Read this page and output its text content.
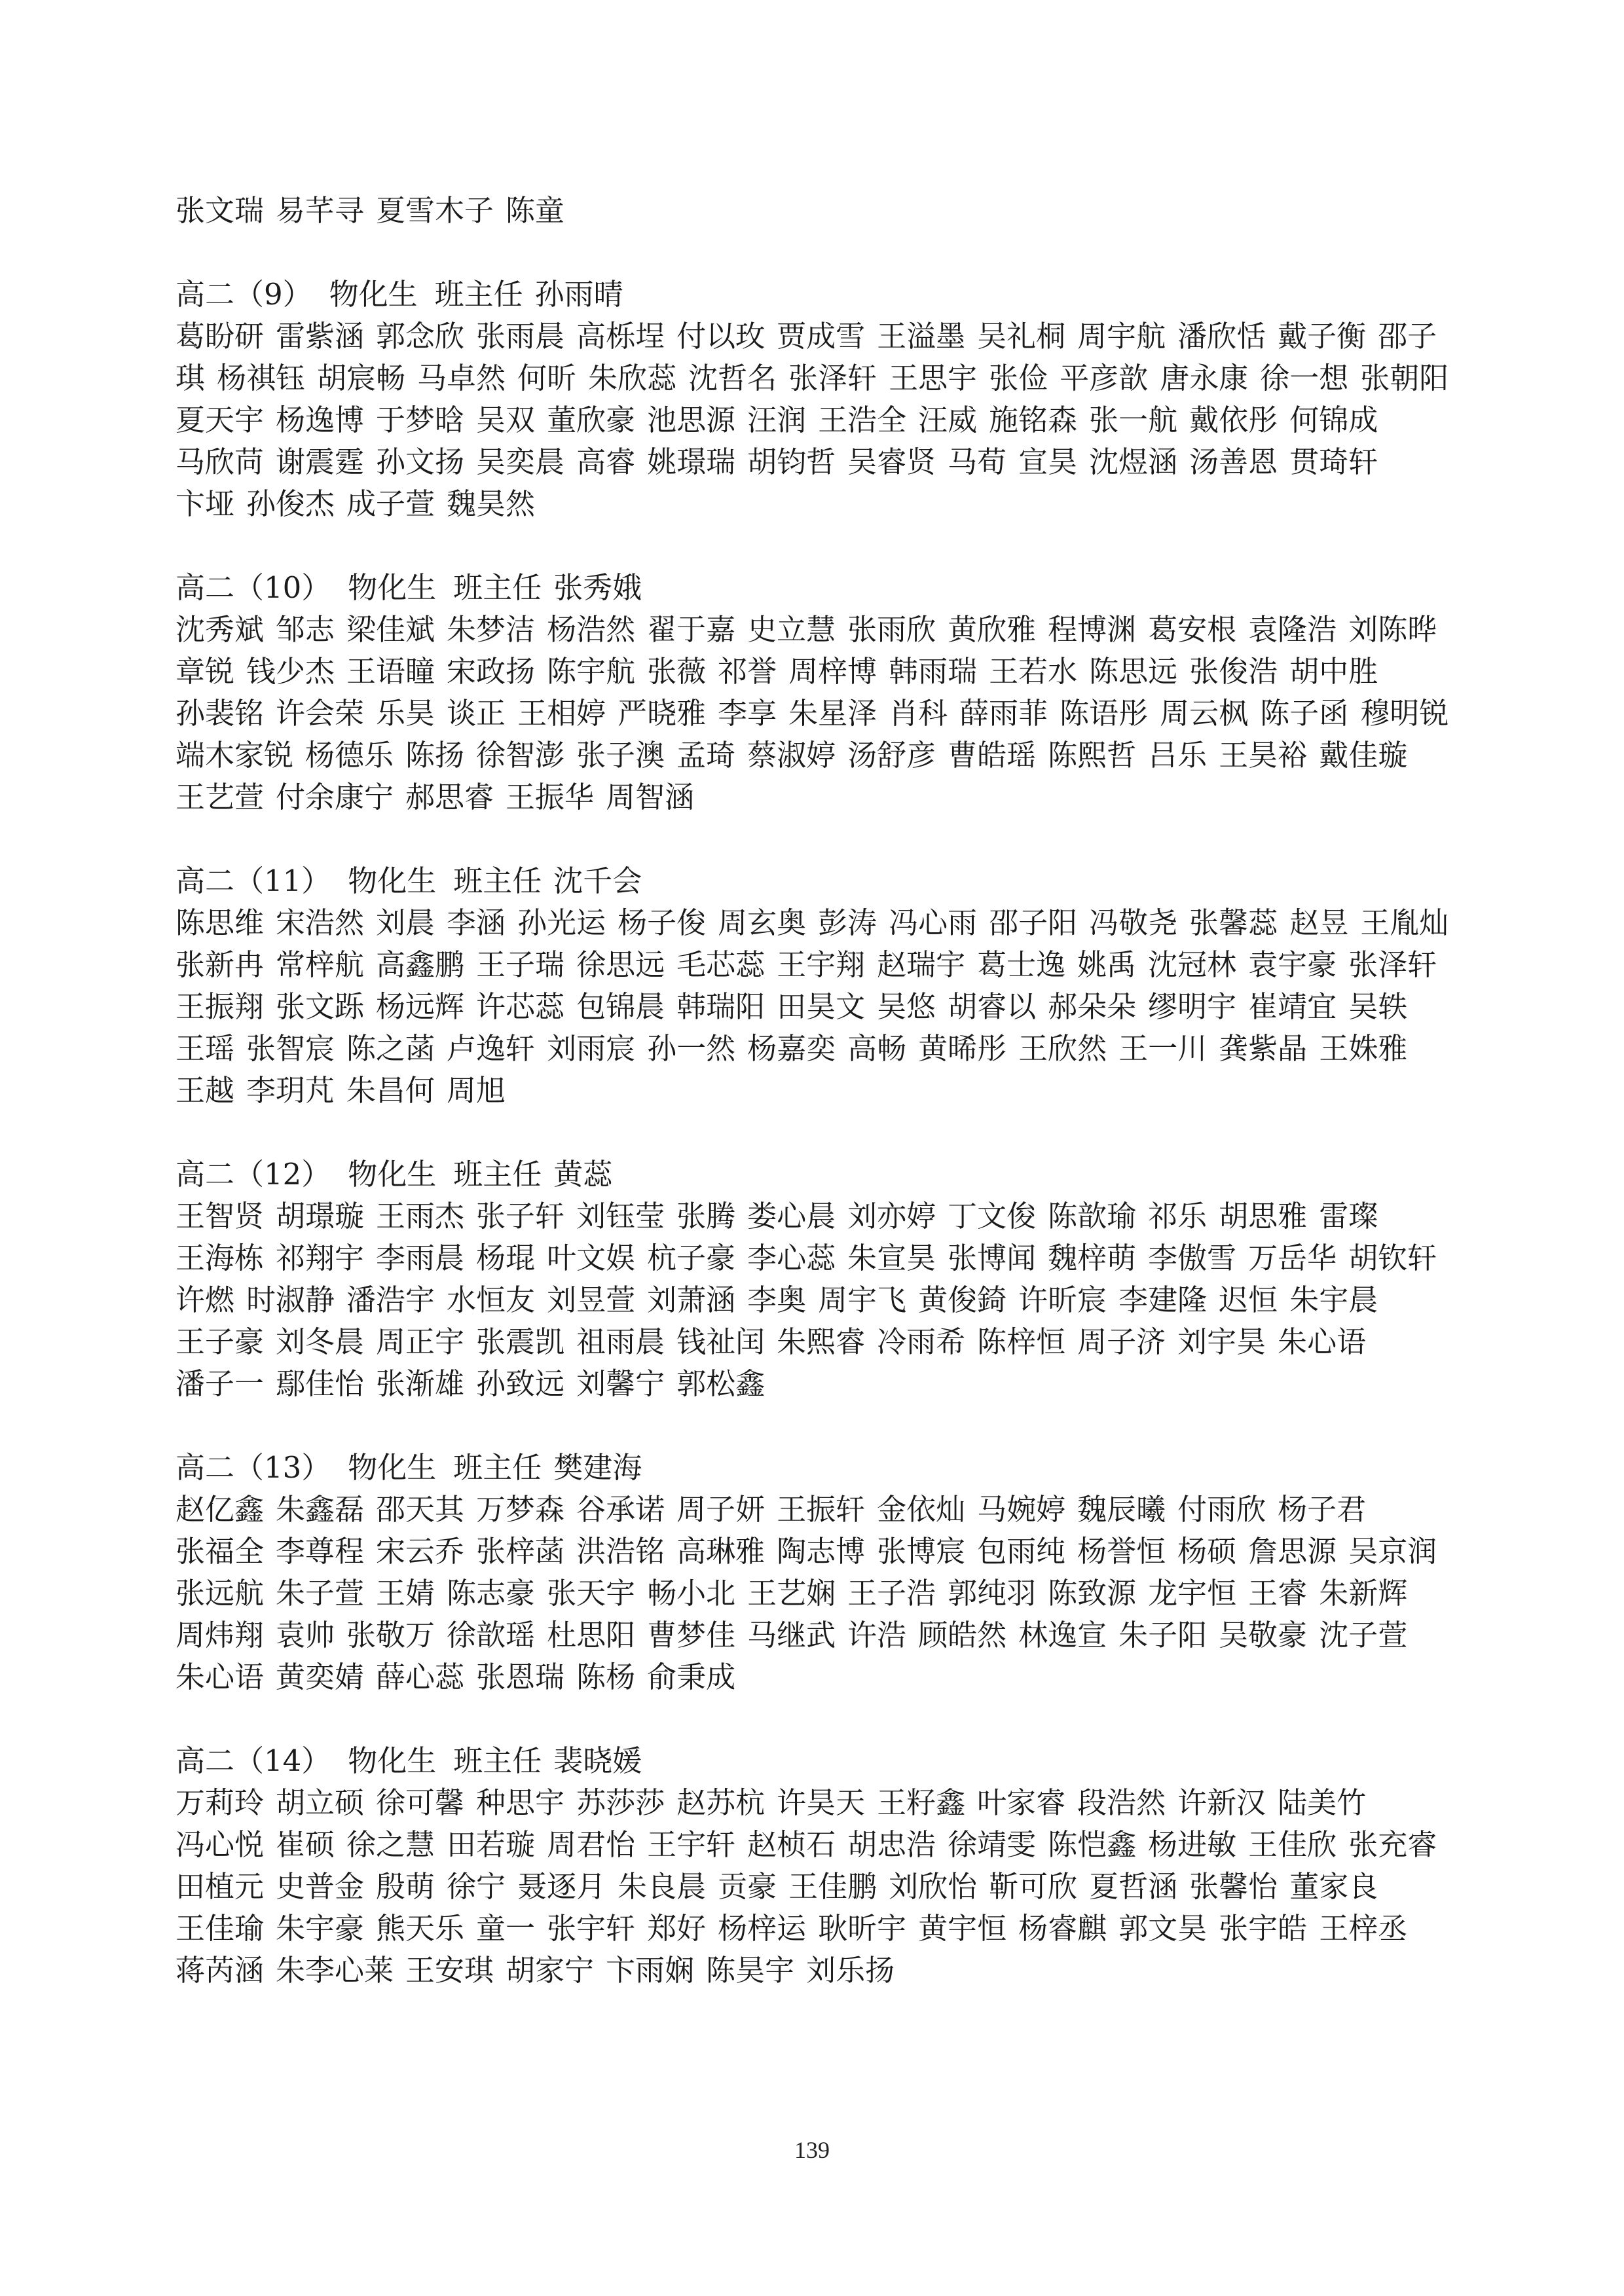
张文瑞 易芊寻 夏雪木子 陈童
高二（9） 物化生 班主任 孙雨晴
葛盼研 雷紫涵 郭念欣 张雨晨 高栎埕 付以玫 贾成雪 王溢墨 吴礼桐 周宇航 潘欣恬 戴子衡 邵子
琪 杨祺钰 胡宸畅 马卓然 何昕 朱欣蕊 沈哲名 张泽轩 王思宇 张俭 平彦歆 唐永康 徐一想 张朝阳
夏天宇 杨逸博 于梦晗 吴双 董欣豪 池思源 汪润 王浩全 汪威 施铭森 张一航 戴依彤 何锦成
马欣苘 谢震霆 孙文扬 吴奕晨 高睿 姚璟瑞 胡钧哲 吴睿贤 马荀 宣昊 沈煜涵 汤善恩 贯琦轩
卞垭 孙俊杰 成子萱 魏昊然
高二（10） 物化生 班主任 张秀娥
沈秀斌 邹志 梁佳斌 朱梦洁 杨浩然 翟于嘉 史立慧 张雨欣 黄欣雅 程博渊 葛安根 袁隆浩 刘陈晔
章锐 钱少杰 王语瞳 宋政扬 陈宇航 张薇 祁誉 周梓博 韩雨瑞 王若水 陈思远 张俊浩 胡中胜
孙裴铭 许会荣 乐昊 谈正 王相婷 严晓雅 李享 朱星泽 肖科 薛雨菲 陈语彤 周云枫 陈子函 穆明锐
端木家锐 杨德乐 陈扬 徐智澎 张子澳 孟琦 蔡淑婷 汤舒彦 曹皓瑶 陈熙哲 吕乐 王昊裕 戴佳璇
王艺萱 付余康宁 郝思睿 王振华 周智涵
高二（11） 物化生 班主任 沈千会
陈思维 宋浩然 刘晨 李涵 孙光运 杨子俊 周玄奥 彭涛 冯心雨 邵子阳 冯敬尧 张馨蕊 赵昱 王胤灿
张新冉 常梓航 高鑫鹏 王子瑞 徐思远 毛芯蕊 王宇翔 赵瑞宇 葛士逸 姚禹 沈冠林 袁宇豪 张泽轩
王振翔 张文跞 杨远辉 许芯蕊 包锦晨 韩瑞阳 田昊文 吴悠 胡睿以 郝朵朵 缪明宇 崔靖宜 吴轶
王瑶 张智宸 陈之菡 卢逸轩 刘雨宸 孙一然 杨嘉奕 高畅 黄晞彤 王欣然 王一川 龚紫晶 王姝雅
王越 李玥芃 朱昌何 周旭
高二（12） 物化生 班主任 黄蕊
王智贤 胡璟璇 王雨杰 张子轩 刘钰莹 张腾 娄心晨 刘亦婷 丁文俊 陈歆瑜 祁乐 胡思雅 雷璨
王海栋 祁翔宇 李雨晨 杨琨 叶文娱 杭子豪 李心蕊 朱宣昊 张博闻 魏梓萌 李傲雪 万岳华 胡钦轩
许燃 时淑静 潘浩宇 水恒友 刘昱萱 刘萧涵 李奥 周宇飞 黄俊錡 许昕宸 李建隆 迟恒 朱宇晨
王子豪 刘冬晨 周正宇 张震凯 祖雨晨 钱祉闰 朱熙睿 冷雨希 陈梓恒 周子济 刘宇昊 朱心语
潘子一 鄢佳怡 张渐雄 孙致远 刘馨宁 郭松鑫
高二（13） 物化生 班主任 樊建海
赵亿鑫 朱鑫磊 邵天其 万梦森 谷承诺 周子妍 王振轩 金依灿 马婉婷 魏辰曦 付雨欣 杨子君
张福全 李尊程 宋云乔 张梓菡 洪浩铭 高琳雅 陶志博 张博宸 包雨纯 杨誉恒 杨硕 詹思源 吴京润
张远航 朱子萱 王婧 陈志豪 张天宇 畅小北 王艺娴 王子浩 郭纯羽 陈致源 龙宇恒 王睿 朱新辉
周炜翔 袁帅 张敬万 徐歆瑶 杜思阳 曹梦佳 马继武 许浩 顾皓然 林逸宣 朱子阳 吴敬豪 沈子萱
朱心语 黄奕婧 薛心蕊 张恩瑞 陈杨 俞秉成
高二（14） 物化生 班主任 裴晓媛
万莉玲 胡立硕 徐可馨 种思宇 苏莎莎 赵苏杭 许昊天 王籽鑫 叶家睿 段浩然 许新汉 陆美竹
冯心悦 崔硕 徐之慧 田若璇 周君怡 王宇轩 赵桢石 胡忠浩 徐靖雯 陈恺鑫 杨进敏 王佳欣 张充睿
田植元 史普金 殷萌 徐宁 聂逐月 朱良晨 贡豪 王佳鹏 刘欣怡 靳可欣 夏哲涵 张馨怡 董家良
王佳瑜 朱宇豪 熊天乐 童一 张宇轩 郑好 杨梓运 耿昕宇 黄宇恒 杨睿麒 郭文昊 张宇皓 王梓丞
蒋芮涵 朱李心莱 王安琪 胡家宁 卞雨娴 陈昊宇 刘乐扬
139
